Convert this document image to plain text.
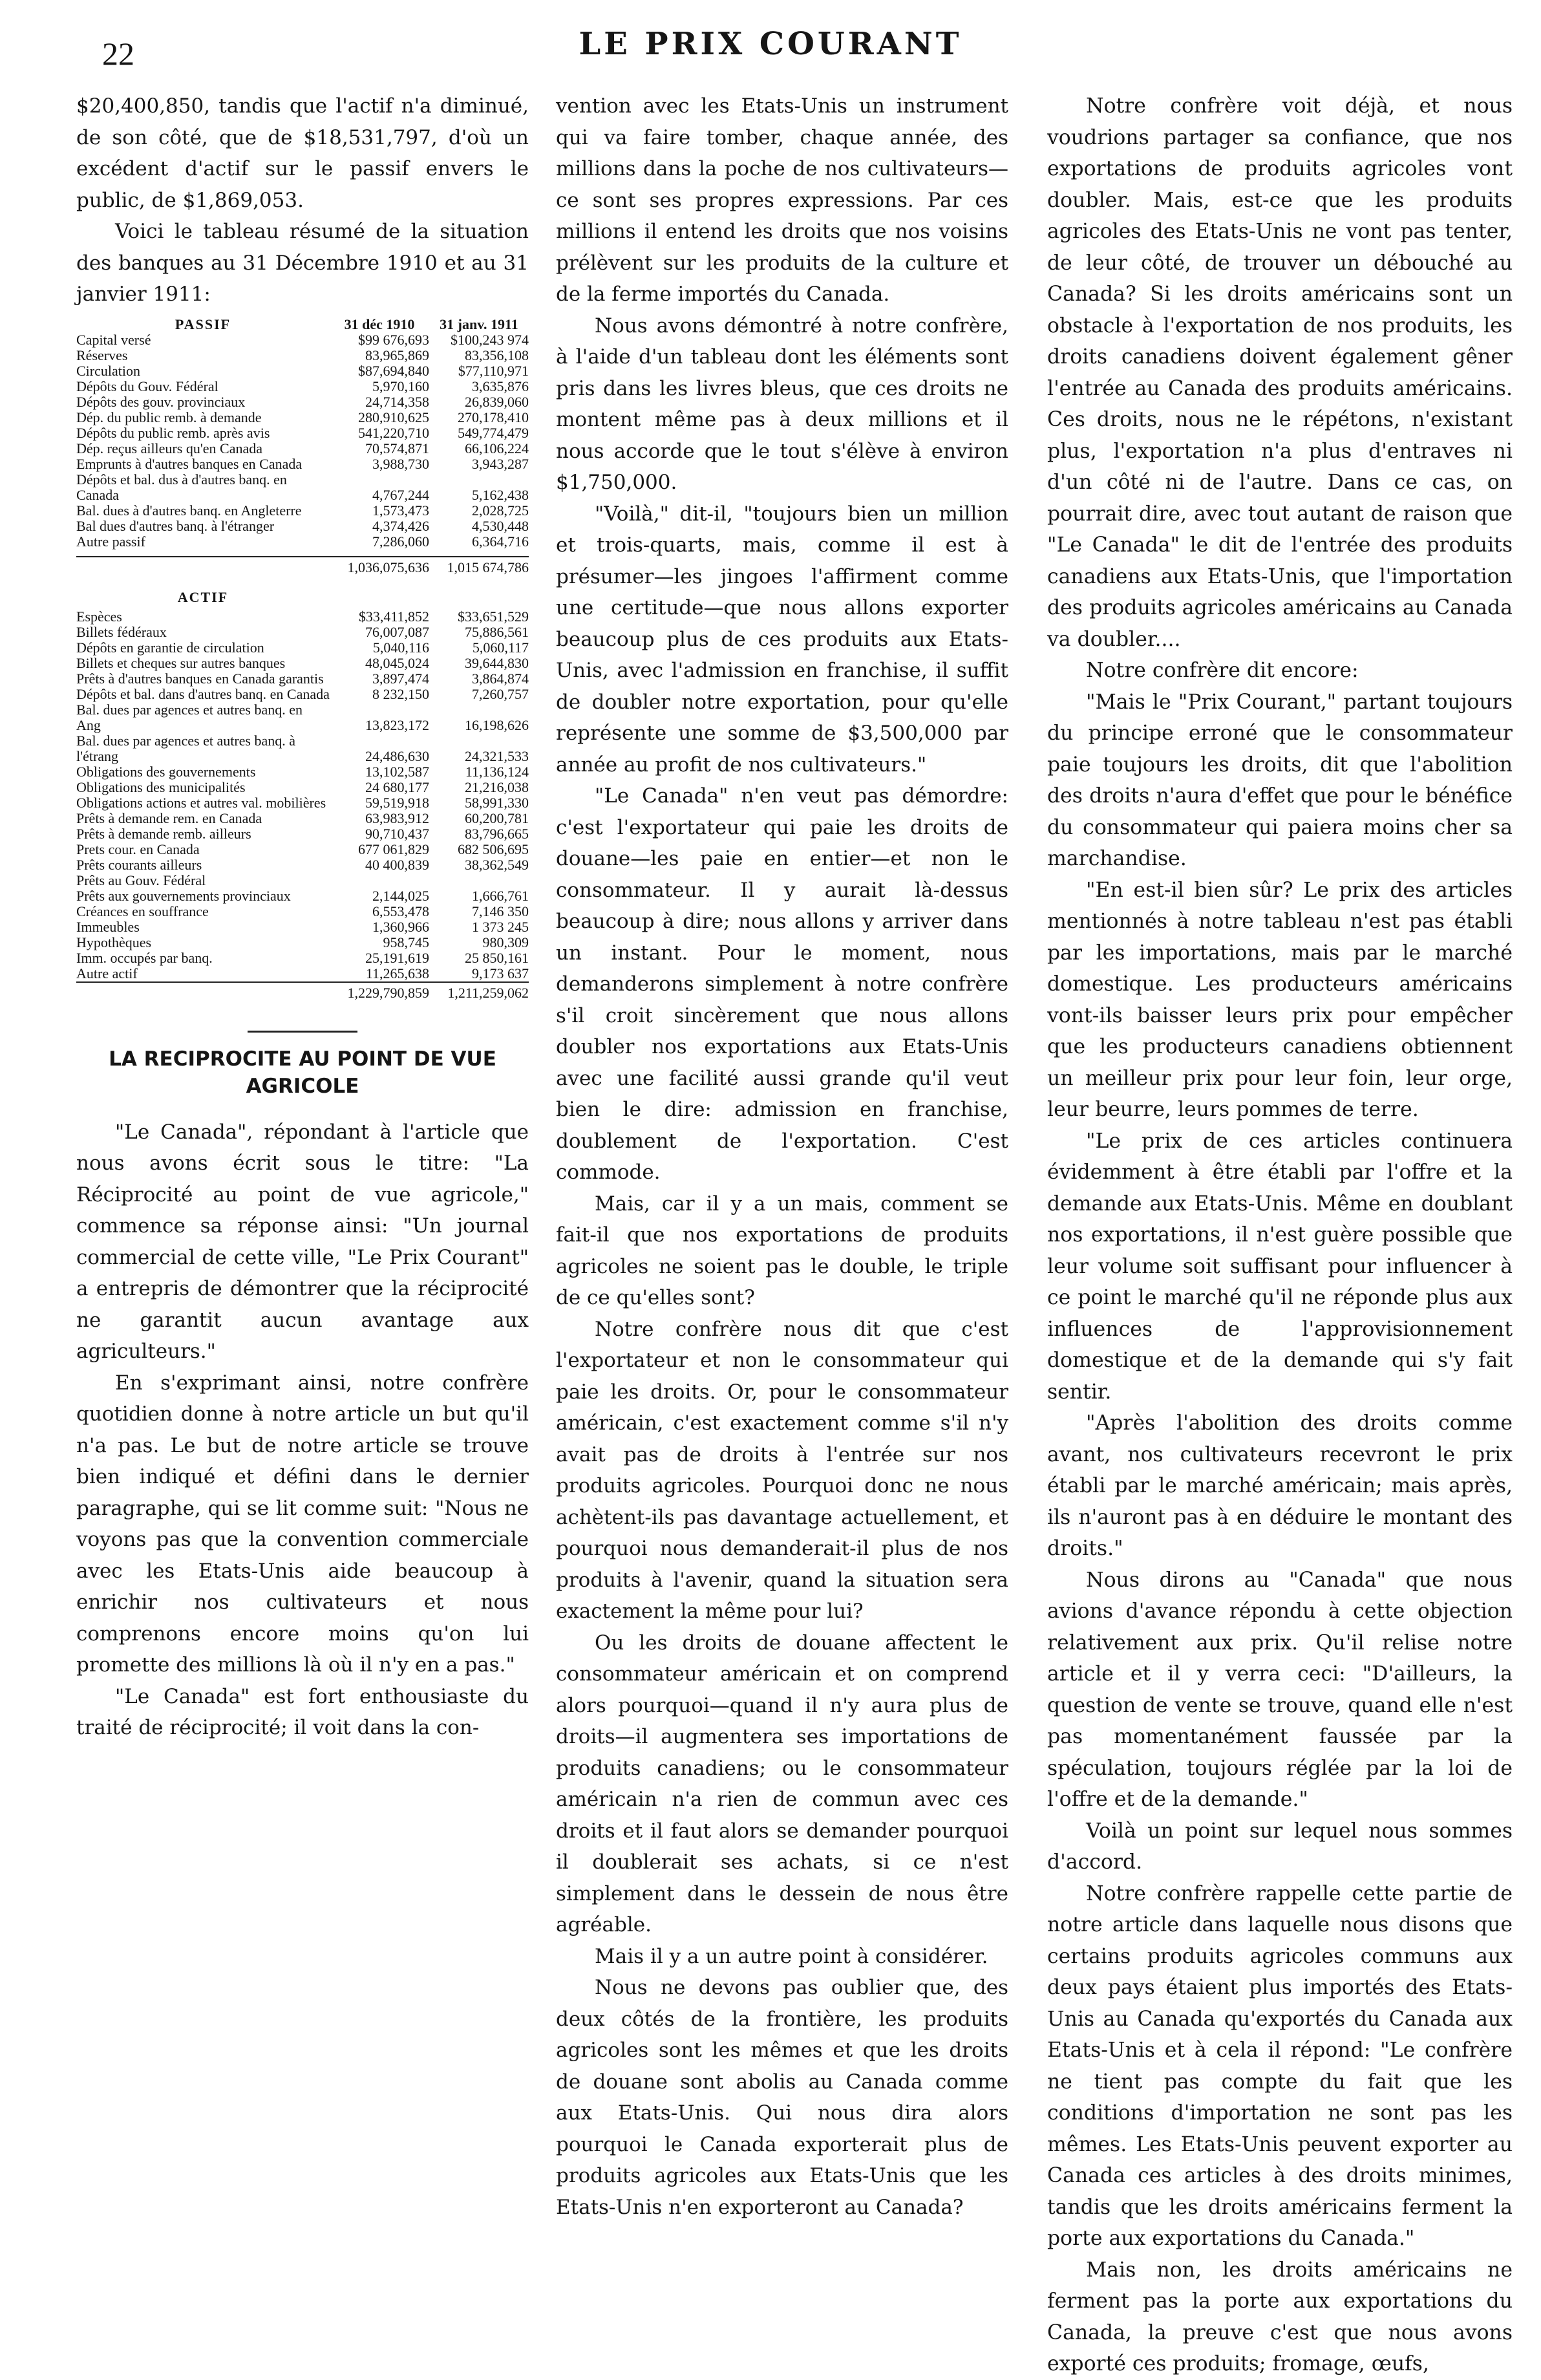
22	LE PRIX COURANT

$20,400,850, tandis que l'actif n'a diminué, de son côté, que de $18,531,797, d'où un excédent d'actif sur le passif envers le public, de $1,869,053.

Voici le tableau résumé de la situation des banques au 31 Décembre 1910 et au 31 janvier 1911:

PASSIF	31 déc 1910	31 janv. 1911
Capital versé	$99 676,693	$100,243 974
Réserves	83,965,869	83,356,108
Circulation	$87,694,840	$77,110,971
Dépôts du Gouv. Fédéral	5,970,160	3,635,876
Dépôts des gouv. provinciaux	24,714,358	26,839,060
Dép. du public remb. à demande	280,910,625	270,178,410
Dépôts du public remb. après avis	541,220,710	549,774,479
Dép. reçus ailleurs qu'en Canada	70,574,871	66,106,224
Emprunts à d'autres banques en Canada	3,988,730	3,943,287
Dépôts et bal. dus à d'autres banq. en Canada	4,767,244	5,162,438
Bal. dues à d'autres banq. en Angleterre	1,573,473	2,028,725
Bal dues d'autres banq. à l'étranger	4,374,426	4,530,448
Autre passif	7,286,060	6,364,716

	1,036,075,636	1,015 674,786
ACTIF		
Espèces	$33,411,852	$33,651,529
Billets fédéraux	76,007,087	75,886,561
Dépôts en garantie de circulation	5,040,116	5,060,117
Billets et cheques sur autres banques	48,045,024	39,644,830
Prêts à d'autres banques en Canada garantis	3,897,474	3,864,874
Dépôts et bal. dans d'autres banq. en Canada	8 232,150	7,260,757
Bal. dues par agences et autres banq. en Ang	13,823,172	16,198,626
Bal. dues par agences et autres banq. à l'étrang	24,486,630	24,321,533
Obligations des gouvernements	13,102,587	11,136,124
Obligations des municipalités	24 680,177	21,216,038
Obligations actions et autres val. mobilières	59,519,918	58,991,330
Prêts à demande rem. en Canada	63,983,912	60,200,781
Prêts à demande remb. ailleurs	90,710,437	83,796,665
Prets cour. en Canada	677 061,829	682 506,695
Prêts courants ailleurs	40 400,839	38,362,549
Prêts au Gouv. Fédéral		
Prêts aux gouvernements provinciaux	2,144,025	1,666,761
Créances en souffrance	6,553,478	7,146 350
Immeubles	1,360,966	1 373 245
Hypothèques	958,745	980,309
Imm. occupés par banq.	25,191,619	25 850,161
Autre actif	11,265,638	9,173 637
	1,229,790,859	1,211,259,062
LA RECIPROCITE AU POINT DE VUE AGRICOLE

"Le Canada", répondant à l'article que nous avons écrit sous le titre: "La Réciprocité au point de vue agricole," commence sa réponse ainsi: "Un journal commercial de cette ville, "Le Prix Courant" a entrepris de démontrer que la réciprocité ne garantit aucun avantage aux agriculteurs."

En s'exprimant ainsi, notre confrère quotidien donne à notre article un but qu'il n'a pas. Le but de notre article se trouve bien indiqué et défini dans le dernier paragraphe, qui se lit comme suit: "Nous ne voyons pas que la convention commerciale avec les Etats-Unis aide beaucoup à enrichir nos cultivateurs et nous comprenons encore moins qu'on lui promette des millions là où il n'y en a pas."

"Le Canada" est fort enthousiaste du traité de réciprocité; il voit dans la con-

vention avec les Etats-Unis un instrument qui va faire tomber, chaque année, des millions dans la poche de nos cultivateurs—ce sont ses propres expressions. Par ces millions il entend les droits que nos voisins prélèvent sur les produits de la culture et de la ferme importés du Canada.

Nous avons démontré à notre confrère, à l'aide d'un tableau dont les éléments sont pris dans les livres bleus, que ces droits ne montent même pas à deux millions et il nous accorde que le tout s'élève à environ $1,750,000.

"Voilà," dit-il, "toujours bien un million et trois-quarts, mais, comme il est à présumer—les jingoes l'affirment comme une certitude—que nous allons exporter beaucoup plus de ces produits aux Etats-Unis, avec l'admission en franchise, il suffit de doubler notre exportation, pour qu'elle représente une somme de $3,500,000 par année au profit de nos cultivateurs."

"Le Canada" n'en veut pas démordre: c'est l'exportateur qui paie les droits de douane—les paie en entier—et non le consommateur. Il y aurait là-dessus beaucoup à dire; nous allons y arriver dans un instant. Pour le moment, nous demanderons simplement à notre confrère s'il croit sincèrement que nous allons doubler nos exportations aux Etats-Unis avec une facilité aussi grande qu'il veut bien le dire: admission en franchise, doublement de l'exportation. C'est commode.

Mais, car il y a un mais, comment se fait-il que nos exportations de produits agricoles ne soient pas le double, le triple de ce qu'elles sont?

Notre confrère nous dit que c'est l'exportateur et non le consommateur qui paie les droits. Or, pour le consommateur américain, c'est exactement comme s'il n'y avait pas de droits à l'entrée sur nos produits agricoles. Pourquoi donc ne nous achètent-ils pas davantage actuellement, et pourquoi nous demanderait-il plus de nos produits à l'avenir, quand la situation sera exactement la même pour lui?

Ou les droits de douane affectent le consommateur américain et on comprend alors pourquoi—quand il n'y aura plus de droits—il augmentera ses importations de produits canadiens; ou le consommateur américain n'a rien de commun avec ces droits et il faut alors se demander pourquoi il doublerait ses achats, si ce n'est simplement dans le dessein de nous être agréable.

Mais il y a un autre point à considérer.

Nous ne devons pas oublier que, des deux côtés de la frontière, les produits agricoles sont les mêmes et que les droits de douane sont abolis au Canada comme aux Etats-Unis. Qui nous dira alors pourquoi le Canada exporterait plus de produits agricoles aux Etats-Unis que les Etats-Unis n'en exporteront au Canada?

Notre confrère voit déjà, et nous voudrions partager sa confiance, que nos exportations de produits agricoles vont doubler. Mais, est-ce que les produits agricoles des Etats-Unis ne vont pas tenter, de leur côté, de trouver un débouché au Canada? Si les droits américains sont un obstacle à l'exportation de nos produits, les droits canadiens doivent également gêner l'entrée au Canada des produits américains. Ces droits, nous ne le répétons, n'existant plus, l'exportation n'a plus d'entraves ni d'un côté ni de l'autre. Dans ce cas, on pourrait dire, avec tout autant de raison que "Le Canada" le dit de l'entrée des produits canadiens aux Etats-Unis, que l'importation des produits agricoles américains au Canada va doubler....

Notre confrère dit encore:

"Mais le "Prix Courant," partant toujours du principe erroné que le consommateur paie toujours les droits, dit que l'abolition des droits n'aura d'effet que pour le bénéfice du consommateur qui paiera moins cher sa marchandise.

"En est-il bien sûr? Le prix des articles mentionnés à notre tableau n'est pas établi par les importations, mais par le marché domestique. Les producteurs américains vont-ils baisser leurs prix pour empêcher que les producteurs canadiens obtiennent un meilleur prix pour leur foin, leur orge, leur beurre, leurs pommes de terre.

"Le prix de ces articles continuera évidemment à être établi par l'offre et la demande aux Etats-Unis. Même en doublant nos exportations, il n'est guère possible que leur volume soit suffisant pour influencer à ce point le marché qu'il ne réponde plus aux influences de l'approvisionnement domestique et de la demande qui s'y fait sentir.

"Après l'abolition des droits comme avant, nos cultivateurs recevront le prix établi par le marché américain; mais après, ils n'auront pas à en déduire le montant des droits."

Nous dirons au "Canada" que nous avions d'avance répondu à cette objection relativement aux prix. Qu'il relise notre article et il y verra ceci: "D'ailleurs, la question de vente se trouve, quand elle n'est pas momentanément faussée par la spéculation, toujours réglée par la loi de l'offre et de la demande."

Voilà un point sur lequel nous sommes d'accord.

Notre confrère rappelle cette partie de notre article dans laquelle nous disons que certains produits agricoles communs aux deux pays étaient plus importés des Etats-Unis au Canada qu'exportés du Canada aux Etats-Unis et à cela il répond: "Le confrère ne tient pas compte du fait que les conditions d'importation ne sont pas les mêmes. Les Etats-Unis peuvent exporter au Canada ces articles à des droits minimes, tandis que les droits américains ferment la porte aux exportations du Canada."

Mais non, les droits américains ne ferment pas la porte aux exportations du Canada, la preuve c'est que nous avons exporté ces produits; fromage, œufs,
